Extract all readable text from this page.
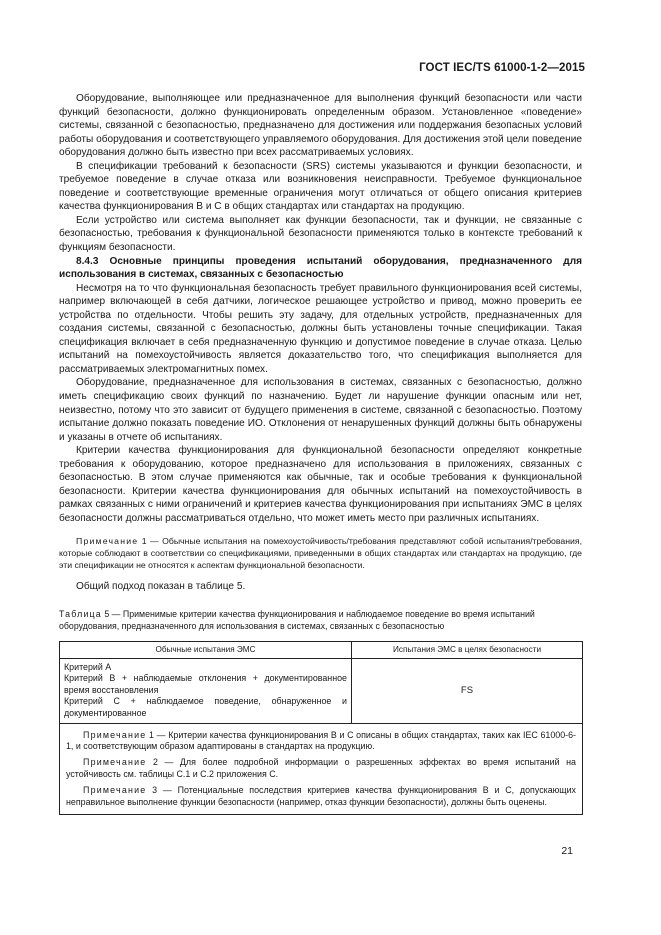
ГОСТ IEC/TS 61000-1-2—2015

Оборудование, выполняющее или предназначенное для выполнения функций безопасности или части функций безопасности, должно функционировать определенным образом. Установленное «поведение» системы, связанной с безопасностью, предназначено для достижения или поддержания безопасных условий работы оборудования и соответствующего управляемого оборудования. Для достижения этой цели поведение оборудования должно быть известно при всех рассматриваемых условиях.

В спецификации требований к безопасности (SRS) системы указываются и функции безопасности, и требуемое поведение в случае отказа или возникновения неисправности. Требуемое функциональное поведение и соответствующие временные ограничения могут отличаться от общего описания критериев качества функционирования В и С в общих стандартах или стандартах на продукцию.

Если устройство или система выполняет как функции безопасности, так и функции, не связанные с безопасностью, требования к функциональной безопасности применяются только в контексте требований к функциям безопасности.

8.4.3 Основные принципы проведения испытаний оборудования, предназначенного для использования в системах, связанных с безопасностью

Несмотря на то что функциональная безопасность требует правильного функционирования всей системы, например включающей в себя датчики, логическое решающее устройство и привод, можно проверить ее устройства по отдельности. Чтобы решить эту задачу, для отдельных устройств, предназначенных для создания системы, связанной с безопасностью, должны быть установлены точные спецификации. Такая спецификация включает в себя предназначенную функцию и допустимое поведение в случае отказа. Целью испытаний на помехоустойчивость является доказательство того, что спецификация выполняется для рассматриваемых электромагнитных помех.

Оборудование, предназначенное для использования в системах, связанных с безопасностью, должно иметь спецификацию своих функций по назначению. Будет ли нарушение функции опасным или нет, неизвестно, потому что это зависит от будущего применения в системе, связанной с безопасностью. Поэтому испытание должно показать поведение ИО. Отклонения от ненарушенных функций должны быть обнаружены и указаны в отчете об испытаниях.

Критерии качества функционирования для функциональной безопасности определяют конкретные требования к оборудованию, которое предназначено для использования в приложениях, связанных с безопасностью. В этом случае применяются как обычные, так и особые требования к функциональной безопасности. Критерии качества функционирования для обычных испытаний на помехоустойчивость в рамках связанных с ними ограничений и критериев качества функционирования при испытаниях ЭМС в целях безопасности должны рассматриваться отдельно, что может иметь место при различных испытаниях.

Примечание 1 — Обычные испытания на помехоустойчивость/требования представляют собой испытания/требования, которые соблюдают в соответствии со спецификациями, приведенными в общих стандартах или стандартах на продукцию, где эти спецификации не относятся к аспектам функциональной безопасности.

Общий подход показан в таблице 5.

Таблица 5 — Применимые критерии качества функционирования и наблюдаемое поведение во время испытаний оборудования, предназначенного для использования в системах, связанных с безопасностью

Обычные испытания ЭМС	Испытания ЭМС в целях безопасности

Критерий А
Критерий В + наблюдаемые отклонения + документированное время восстановления
Критерий С + наблюдаемое поведение, обнаруженное и документированное	FS

Примечание 1 — Критерии качества функционирования В и С описаны в общих стандартах, таких как IEC 61000-6-1, и соответствующим образом адаптированы в стандартах на продукцию.

Примечание 2 — Для более подробной информации о разрешенных эффектах во время испытаний на устойчивость см. таблицы С.1 и С.2 приложения С.

Примечание 3 — Потенциальные последствия критериев качества функционирования В и С, допускающих неправильное выполнение функции безопасности (например, отказ функции безопасности), должны быть оценены.	

21
